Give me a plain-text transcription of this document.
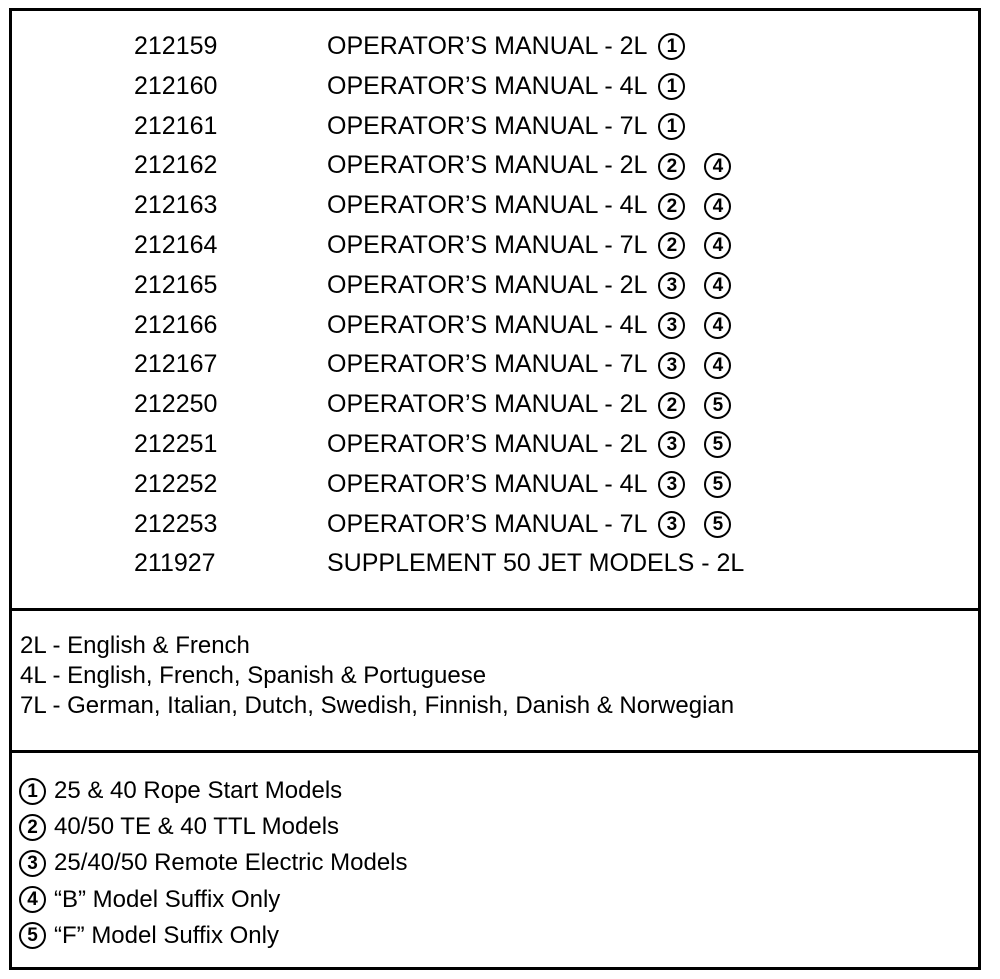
212159	OPERATOR’S MANUAL - 2L	1
212160	OPERATOR’S MANUAL - 4L	1
212161	OPERATOR’S MANUAL - 7L	1
212162	OPERATOR’S MANUAL - 2L	2	4
212163	OPERATOR’S MANUAL - 4L	2	4
212164	OPERATOR’S MANUAL - 7L	2	4
212165	OPERATOR’S MANUAL - 2L	3	4
212166	OPERATOR’S MANUAL - 4L	3	4
212167	OPERATOR’S MANUAL - 7L	3	4
212250	OPERATOR’S MANUAL - 2L	2	5
212251	OPERATOR’S MANUAL - 2L	3	5
212252	OPERATOR’S MANUAL - 4L	3	5
212253	OPERATOR’S MANUAL - 7L	3	5
211927	SUPPLEMENT 50 JET MODELS - 2L
2L - English & French
4L - English, French, Spanish & Portuguese
7L - German, Italian, Dutch, Swedish, Finnish, Danish & Norwegian
1 25 & 40 Rope Start Models
2 40/50 TE & 40 TTL Models
3 25/40/50 Remote Electric Models
4 “B” Model Suffix Only
5 “F” Model Suffix Only
